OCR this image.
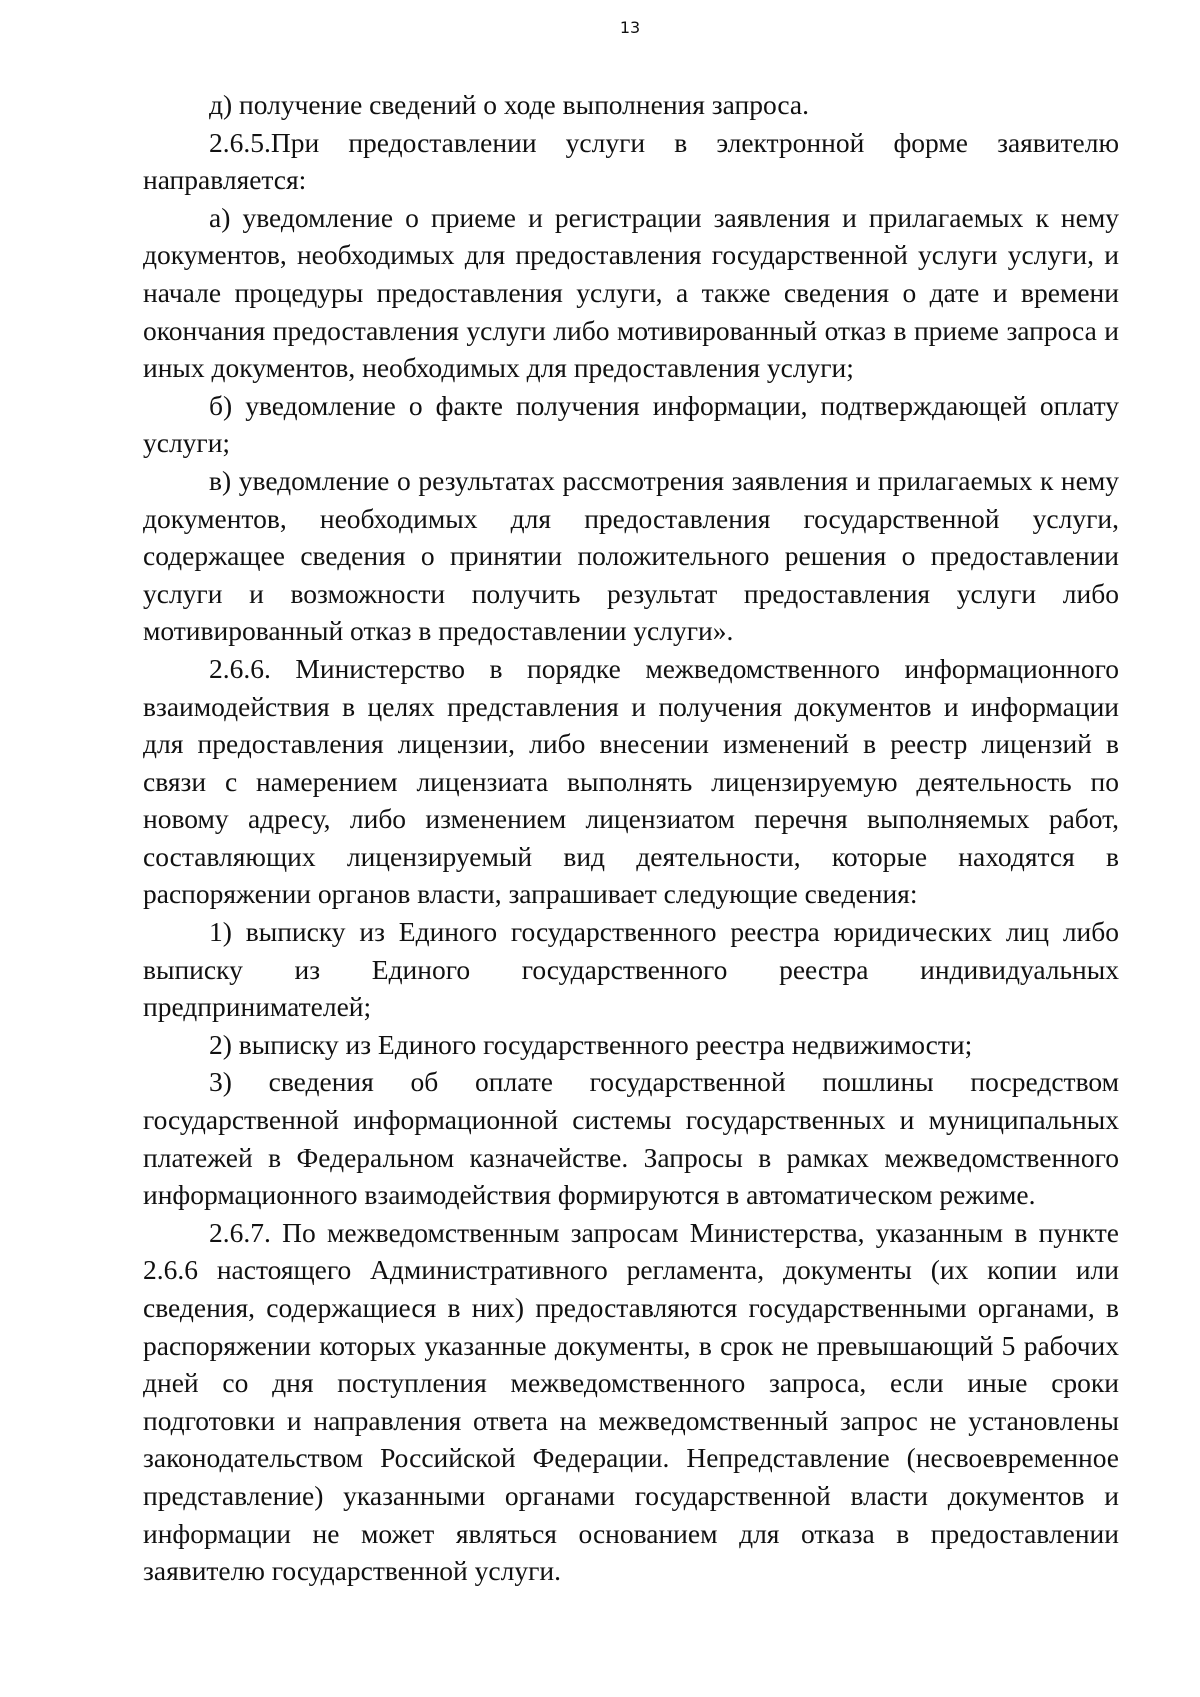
13

д) получение сведений о ходе выполнения запроса.

2.6.5.При предоставлении услуги в электронной форме заявителю направляется:

а) уведомление о приеме и регистрации заявления и прилагаемых к нему документов, необходимых для предоставления государственной услуги услуги, и начале процедуры предоставления услуги, а также сведения о дате и времени окончания предоставления услуги либо мотивированный отказ в приеме запроса и иных документов, необходимых для предоставления услуги;

б) уведомление о факте получения информации, подтверждающей оплату услуги;

в) уведомление о результатах рассмотрения заявления и прилагаемых к нему документов, необходимых для предоставления государственной услуги, содержащее сведения о принятии положительного решения о предоставлении услуги и возможности получить результат предоставления услуги либо мотивированный отказ в предоставлении услуги».

2.6.6. Министерство в порядке межведомственного информационного взаимодействия в целях представления и получения документов и информации для предоставления лицензии, либо внесении изменений в реестр лицензий в связи с намерением лицензиата выполнять лицензируемую деятельность по новому адресу, либо изменением лицензиатом перечня выполняемых работ, составляющих лицензируемый вид деятельности, которые находятся в распоряжении органов власти, запрашивает следующие сведения:

1) выписку из Единого государственного реестра юридических лиц либо выписку из Единого государственного реестра индивидуальных предпринимателей;

2) выписку из Единого государственного реестра недвижимости;

3) сведения об оплате государственной пошлины посредством государственной информационной системы государственных и муниципальных платежей в Федеральном казначействе. Запросы в рамках межведомственного информационного взаимодействия формируются в автоматическом режиме.

2.6.7. По межведомственным запросам Министерства, указанным в пункте 2.6.6 настоящего Административного регламента, документы (их копии или сведения, содержащиеся в них) предоставляются государственными органами, в распоряжении которых указанные документы, в срок не превышающий 5 рабочих дней со дня поступления межведомственного запроса, если иные сроки подготовки и направления ответа на межведомственный запрос не установлены законодательством Российской Федерации. Непредставление (несвоевременное представление) указанными органами государственной власти документов и информации не может являться основанием для отказа в предоставлении заявителю государственной услуги.
